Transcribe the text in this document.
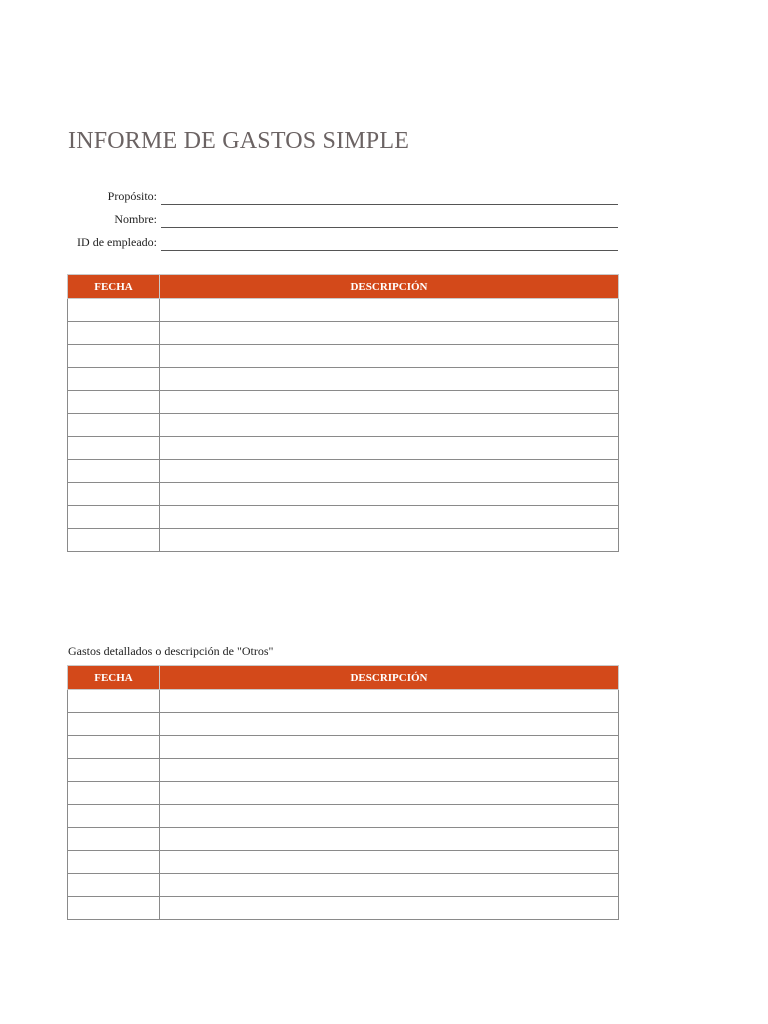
INFORME DE GASTOS SIMPLE
Propósito:
Nombre:
ID de empleado:
FECHA	DESCRIPCIÓN

Gastos detallados o descripción de "Otros"
FECHA	DESCRIPCIÓN
